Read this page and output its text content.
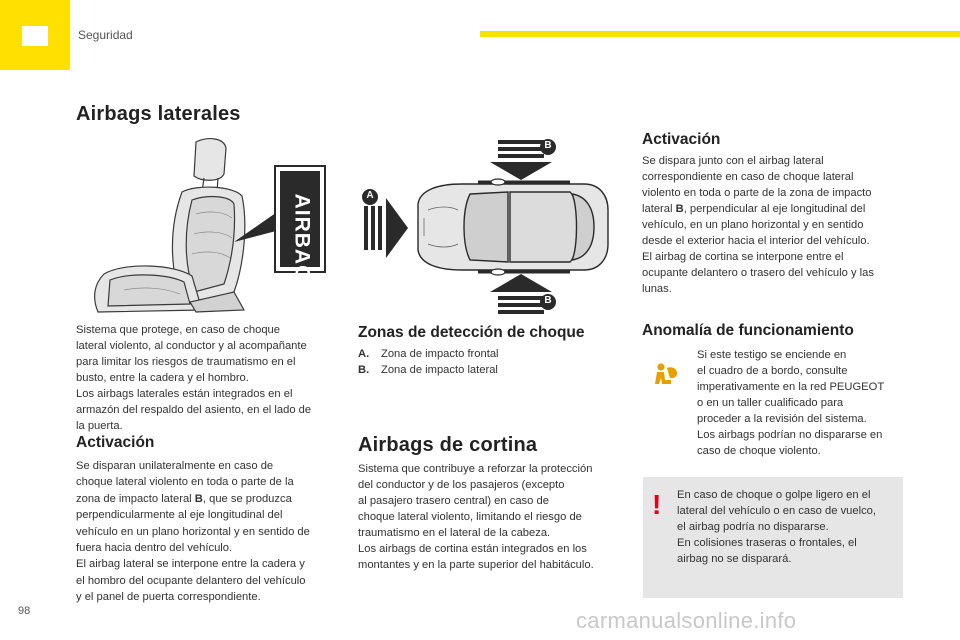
Seguridad
Airbags laterales
AIRBAG

Sistema que protege, en caso de choque

lateral violento, al conductor y al acompañante

para limitar los riesgos de traumatismo en el

busto, entre la cadera y el hombro.

Los airbags laterales están integrados en el

armazón del respaldo del asiento, en el lado de

la puerta.

Activación

Se disparan unilateralmente en caso de

choque lateral violento en toda o parte de la

zona de impacto lateral B, que se produzca

perpendicularmente al eje longitudinal del

vehículo en un plano horizontal y en sentido de

fuera hacia dentro del vehículo.

El airbag lateral se interpone entre la cadera y

el hombro del ocupante delantero del vehículo

y el panel de puerta correspondiente.

A
B
B
Zonas de detección de choque
A. Zona de impacto frontal
B. Zona de impacto lateral
Airbags de cortina

Sistema que contribuye a reforzar la protección

del conductor y de los pasajeros (excepto

al pasajero trasero central) en caso de

choque lateral violento, limitando el riesgo de

traumatismo en el lateral de la cabeza.

Los airbags de cortina están integrados en los

montantes y en la parte superior del habitáculo.

Activación

Se dispara junto con el airbag lateral

correspondiente en caso de choque lateral

violento en toda o parte de la zona de impacto

lateral B, perpendicular al eje longitudinal del

vehículo, en un plano horizontal y en sentido

desde el exterior hacia el interior del vehículo.

El airbag de cortina se interpone entre el

ocupante delantero o trasero del vehículo y las

lunas.

Anomalía de funcionamiento

Si este testigo se enciende en

el cuadro de a bordo, consulte

imperativamente en la red PEUGEOT

o en un taller cualificado para

proceder a la revisión del sistema.

Los airbags podrían no dispararse en

caso de choque violento.

! En caso de choque o golpe ligero en el

lateral del vehículo o en caso de vuelco,

el airbag podría no dispararse.

En colisiones traseras o frontales, el

airbag no se disparará.

98	carmanualsonline.info
